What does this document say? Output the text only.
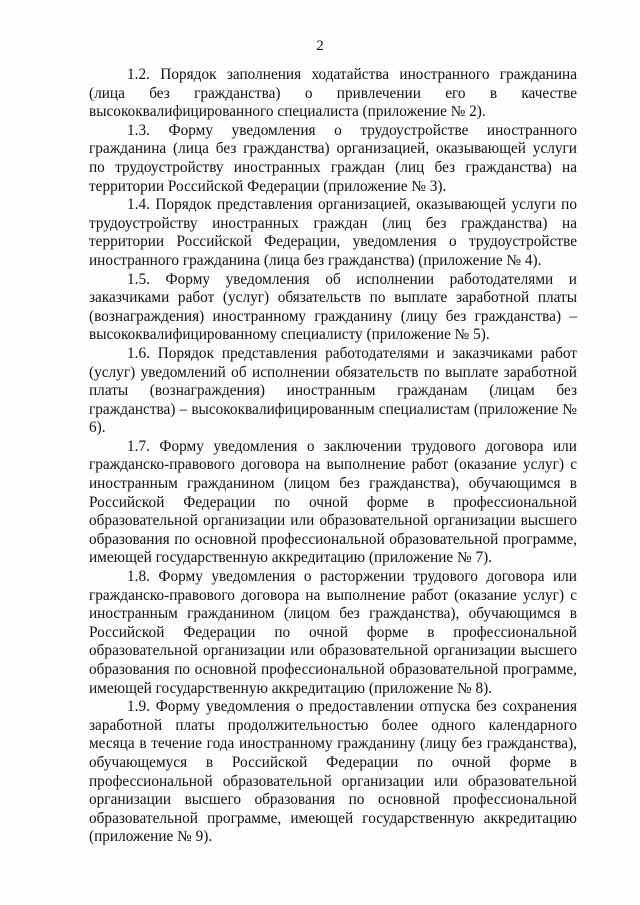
2

1.2. Порядок заполнения ходатайства иностранного гражданина (лица без гражданства) о привлечении его в качестве высококвалифицированного специалиста (приложение № 2).

1.3. Форму уведомления о трудоустройстве иностранного гражданина (лица без гражданства) организацией, оказывающей услуги по трудоустройству иностранных граждан (лиц без гражданства) на территории Российской Федерации (приложение № 3).

1.4. Порядок представления организацией, оказывающей услуги по трудоустройству иностранных граждан (лиц без гражданства) на территории Российской Федерации, уведомления о трудоустройстве иностранного гражданина (лица без гражданства) (приложение № 4).

1.5. Форму уведомления об исполнении работодателями и заказчиками работ (услуг) обязательств по выплате заработной платы (вознаграждения) иностранному гражданину (лицу без гражданства) – высококвалифицированному специалисту (приложение № 5).

1.6. Порядок представления работодателями и заказчиками работ (услуг) уведомлений об исполнении обязательств по выплате заработной платы (вознаграждения) иностранным гражданам (лицам без гражданства) – высококвалифицированным специалистам (приложение № 6).

1.7. Форму уведомления о заключении трудового договора или гражданско-правового договора на выполнение работ (оказание услуг) с иностранным гражданином (лицом без гражданства), обучающимся в Российской Федерации по очной форме в профессиональной образовательной организации или образовательной организации высшего образования по основной профессиональной образовательной программе, имеющей государственную аккредитацию (приложение № 7).

1.8. Форму уведомления о расторжении трудового договора или гражданско-правового договора на выполнение работ (оказание услуг) с иностранным гражданином (лицом без гражданства), обучающимся в Российской Федерации по очной форме в профессиональной образовательной организации или образовательной организации высшего образования по основной профессиональной образовательной программе, имеющей государственную аккредитацию (приложение № 8).

1.9. Форму уведомления о предоставлении отпуска без сохранения заработной платы продолжительностью более одного календарного месяца в течение года иностранному гражданину (лицу без гражданства), обучающемуся в Российской Федерации по очной форме в профессиональной образовательной организации или образовательной организации высшего образования по основной профессиональной образовательной программе, имеющей государственную аккредитацию (приложение № 9).
